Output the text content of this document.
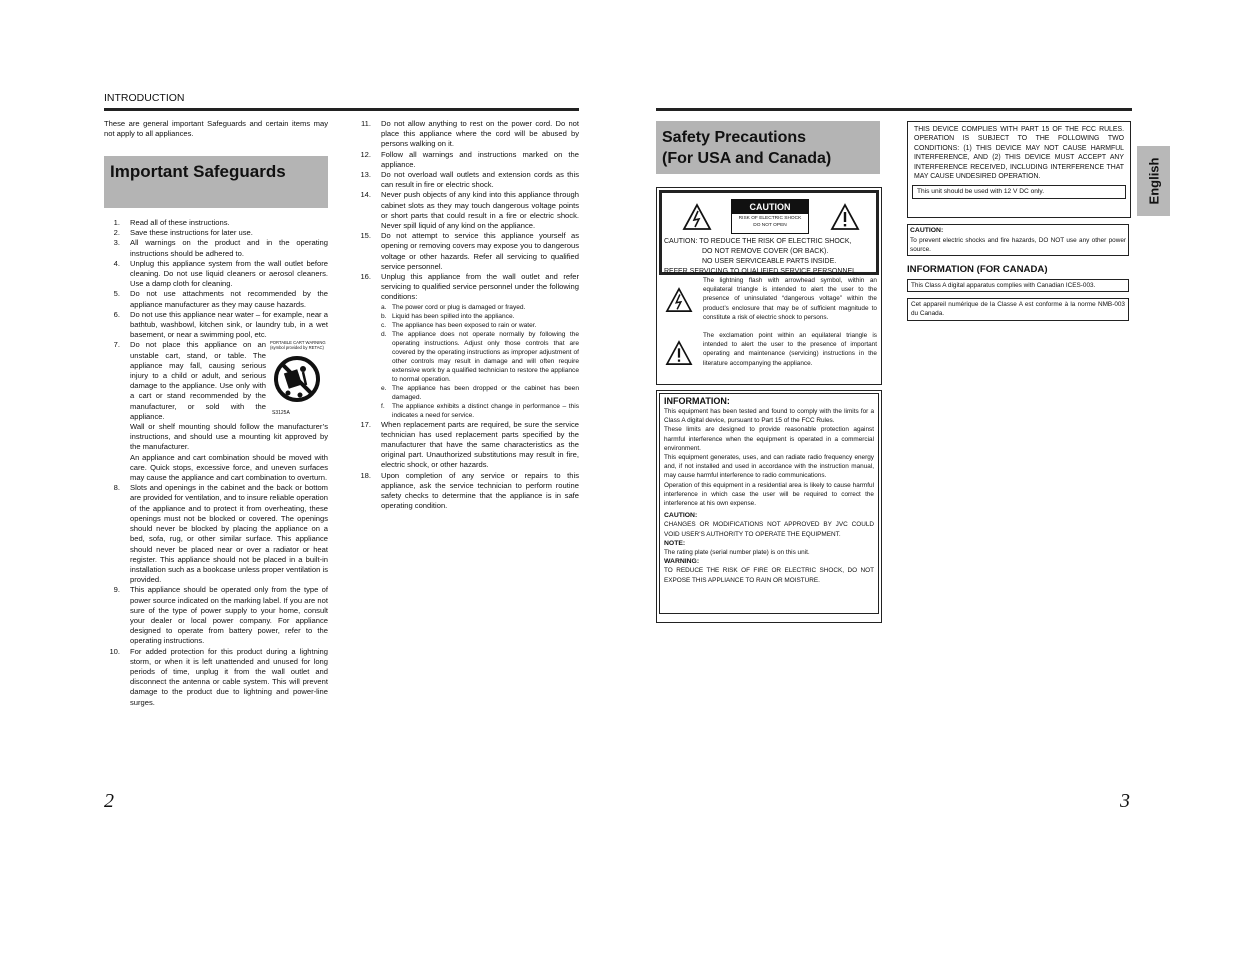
INTRODUCTION
These are general important Safeguards and certain items may not apply to all appliances.
Important Safeguards
1. Read all of these instructions.
2. Save these instructions for later use.
3. All warnings on the product and in the operating instructions should be adhered to.
4. Unplug this appliance system from the wall outlet before cleaning. Do not use liquid cleaners or aerosol cleaners. Use a damp cloth for cleaning.
5. Do not use attachments not recommended by the appliance manufacturer as they may cause hazards.
6. Do not use this appliance near water – for example, near a bathtub, washbowl, kitchen sink, or laundry tub, in a wet basement, or near a swimming pool, etc.
7.	PORTABLE CART WARNING (symbol provided by RETAC)
S3125A
Do not place this appliance on an unstable cart, stand, or table. The appliance may fall, causing serious injury to a child or adult, and serious damage to the appliance. Use only with a cart or stand recommended by the manufacturer, or sold with the appliance.
Wall or shelf mounting should follow the manufacturer’s instructions, and should use a mounting kit approved by the manufacturer.
An appliance and cart combination should be moved with care. Quick stops, excessive force, and uneven surfaces may cause the appliance and cart combination to overturn.
8. Slots and openings in the cabinet and the back or bottom are provided for ventilation, and to insure reliable operation of the appliance and to protect it from overheating, these openings must not be blocked or covered. The openings should never be blocked by placing the appliance on a bed, sofa, rug, or other similar surface. This appliance should never be placed near or over a radiator or heat register. This appliance should not be placed in a built-in installation such as a bookcase unless proper ventilation is provided.
9. This appliance should be operated only from the type of power source indicated on the marking label. If you are not sure of the type of power supply to your home, consult your dealer or local power company. For appliance designed to operate from battery power, refer to the operating instructions.
10. For added protection for this product during a lightning storm, or when it is left unattended and unused for long periods of time, unplug it from the wall outlet and disconnect the antenna or cable system. This will prevent damage to the product due to lightning and power-line surges.
11. Do not allow anything to rest on the power cord. Do not place this appliance where the cord will be abused by persons walking on it.
12. Follow all warnings and instructions marked on the appliance.
13. Do not overload wall outlets and extension cords as this can result in fire or electric shock.
14. Never push objects of any kind into this appliance through cabinet slots as they may touch dangerous voltage points or short parts that could result in a fire or electric shock. Never spill liquid of any kind on the appliance.
15. Do not attempt to service this appliance yourself as opening or removing covers may expose you to dangerous voltage or other hazards. Refer all servicing to qualified service personnel.
16. Unplug this appliance from the wall outlet and refer servicing to qualified service personnel under the following conditions:
a. The power cord or plug is damaged or frayed.
b. Liquid has been spilled into the appliance.
c. The appliance has been exposed to rain or water.
d. The appliance does not operate normally by following the operating instructions. Adjust only those controls that are covered by the operating instructions as improper adjustment of other controls may result in damage and will often require extensive work by a qualified technician to restore the appliance to normal operation.
e. The appliance has been dropped or the cabinet has been damaged.
f. The appliance exhibits a distinct change in performance – this indicates a need for service.
17. When replacement parts are required, be sure the service technician has used replacement parts specified by the manufacturer that have the same characteristics as the original part. Unauthorized substitutions may result in fire, electric shock, or other hazards.
18. Upon completion of any service or repairs to this appliance, ask the service technician to perform routine safety checks to determine that the appliance is in safe operating condition.
2
Safety Precautions
(For USA and Canada)
CAUTION
RISK OF ELECTRIC SHOCK
DO NOT OPEN
CAUTION: TO REDUCE THE RISK OF ELECTRIC SHOCK,
DO NOT REMOVE COVER (OR BACK).
NO USER SERVICEABLE PARTS INSIDE.
REFER SERVICING TO QUALIFIED SERVICE PERSONNEL.
The lightning flash with arrowhead symbol, within an equilateral triangle is intended to alert the user to the presence of uninsulated “dangerous voltage” within the product’s enclosure that may be of sufficient magnitude to constitute a risk of electric shock to persons.
The exclamation point within an equilateral triangle is intended to alert the user to the presence of important operating and maintenance (servicing) instructions in the literature accompanying the appliance.
INFORMATION:
This equipment has been tested and found to comply with the limits for a Class A digital device, pursuant to Part 15 of the FCC Rules.
These limits are designed to provide reasonable protection against harmful interference when the equipment is operated in a commercial environment.
This equipment generates, uses, and can radiate radio frequency energy and, if not installed and used in accordance with the instruction manual, may cause harmful interference to radio communications.
Operation of this equipment in a residential area is likely to cause harmful interference in which case the user will be required to correct the interference at his own expense.
CAUTION:
CHANGES OR MODIFICATIONS NOT APPROVED BY JVC COULD VOID USER’S AUTHORITY TO OPERATE THE EQUIPMENT.
NOTE:
The rating plate (serial number plate) is on this unit.
WARNING:
TO REDUCE THE RISK OF FIRE OR ELECTRIC SHOCK, DO NOT EXPOSE THIS APPLIANCE TO RAIN OR MOISTURE.
THIS DEVICE COMPLIES WITH PART 15 OF THE FCC RULES. OPERATION IS SUBJECT TO THE FOLLOWING TWO CONDITIONS: (1) THIS DEVICE MAY NOT CAUSE HARMFUL INTERFERENCE, AND (2) THIS DEVICE MUST ACCEPT ANY INTERFERENCE RECEIVED, INCLUDING INTERFERENCE THAT MAY CAUSE UNDESIRED OPERATION.
This unit should be used with 12 V DC only.
CAUTION:
To prevent electric shocks and fire hazards, DO NOT use any other power source.
INFORMATION (FOR CANADA)
This Class A digital apparatus complies with Canadian ICES-003.
Cet appareil numérique de la Classe A est conforme à la norme NMB-003 du Canada.
English
3
